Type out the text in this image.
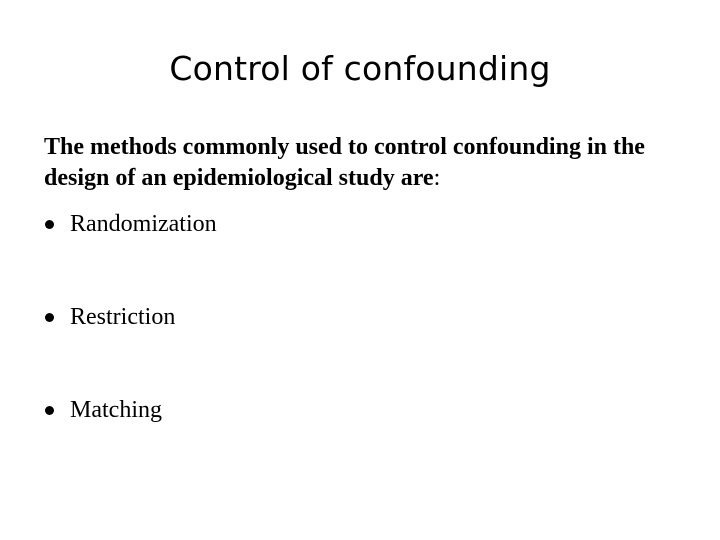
Control of confounding

The methods commonly used to control confounding in the design of an epidemiological study are:

Randomization
Restriction
Matching
